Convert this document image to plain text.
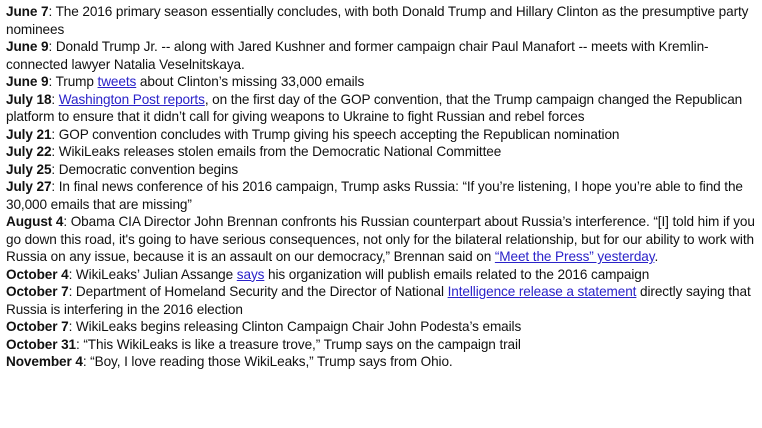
June 7: The 2016 primary season essentially concludes, with both Donald Trump and Hillary Clinton as the presumptive party nominees

June 9: Donald Trump Jr. -- along with Jared Kushner and former campaign chair Paul Manafort -- meets with Kremlin-connected lawyer Natalia Veselnitskaya.

June 9: Trump tweets about Clinton’s missing 33,000 emails

July 18: Washington Post reports, on the first day of the GOP convention, that the Trump campaign changed the Republican platform to ensure that it didn’t call for giving weapons to Ukraine to fight Russian and rebel forces

July 21: GOP convention concludes with Trump giving his speech accepting the Republican nomination

July 22: WikiLeaks releases stolen emails from the Democratic National Committee

July 25: Democratic convention begins

July 27: In final news conference of his 2016 campaign, Trump asks Russia: “If you’re listening, I hope you’re able to find the 30,000 emails that are missing”

August 4: Obama CIA Director John Brennan confronts his Russian counterpart about Russia’s interference. “[I] told him if you go down this road, it's going to have serious consequences, not only for the bilateral relationship, but for our ability to work with Russia on any issue, because it is an assault on our democracy,” Brennan said on “Meet the Press” yesterday.

October 4: WikiLeaks’ Julian Assange says his organization will publish emails related to the 2016 campaign

October 7: Department of Homeland Security and the Director of National Intelligence release a statement directly saying that Russia is interfering in the 2016 election

October 7: WikiLeaks begins releasing Clinton Campaign Chair John Podesta’s emails

October 31: “This WikiLeaks is like a treasure trove,” Trump says on the campaign trail

November 4: “Boy, I love reading those WikiLeaks,” Trump says from Ohio.
